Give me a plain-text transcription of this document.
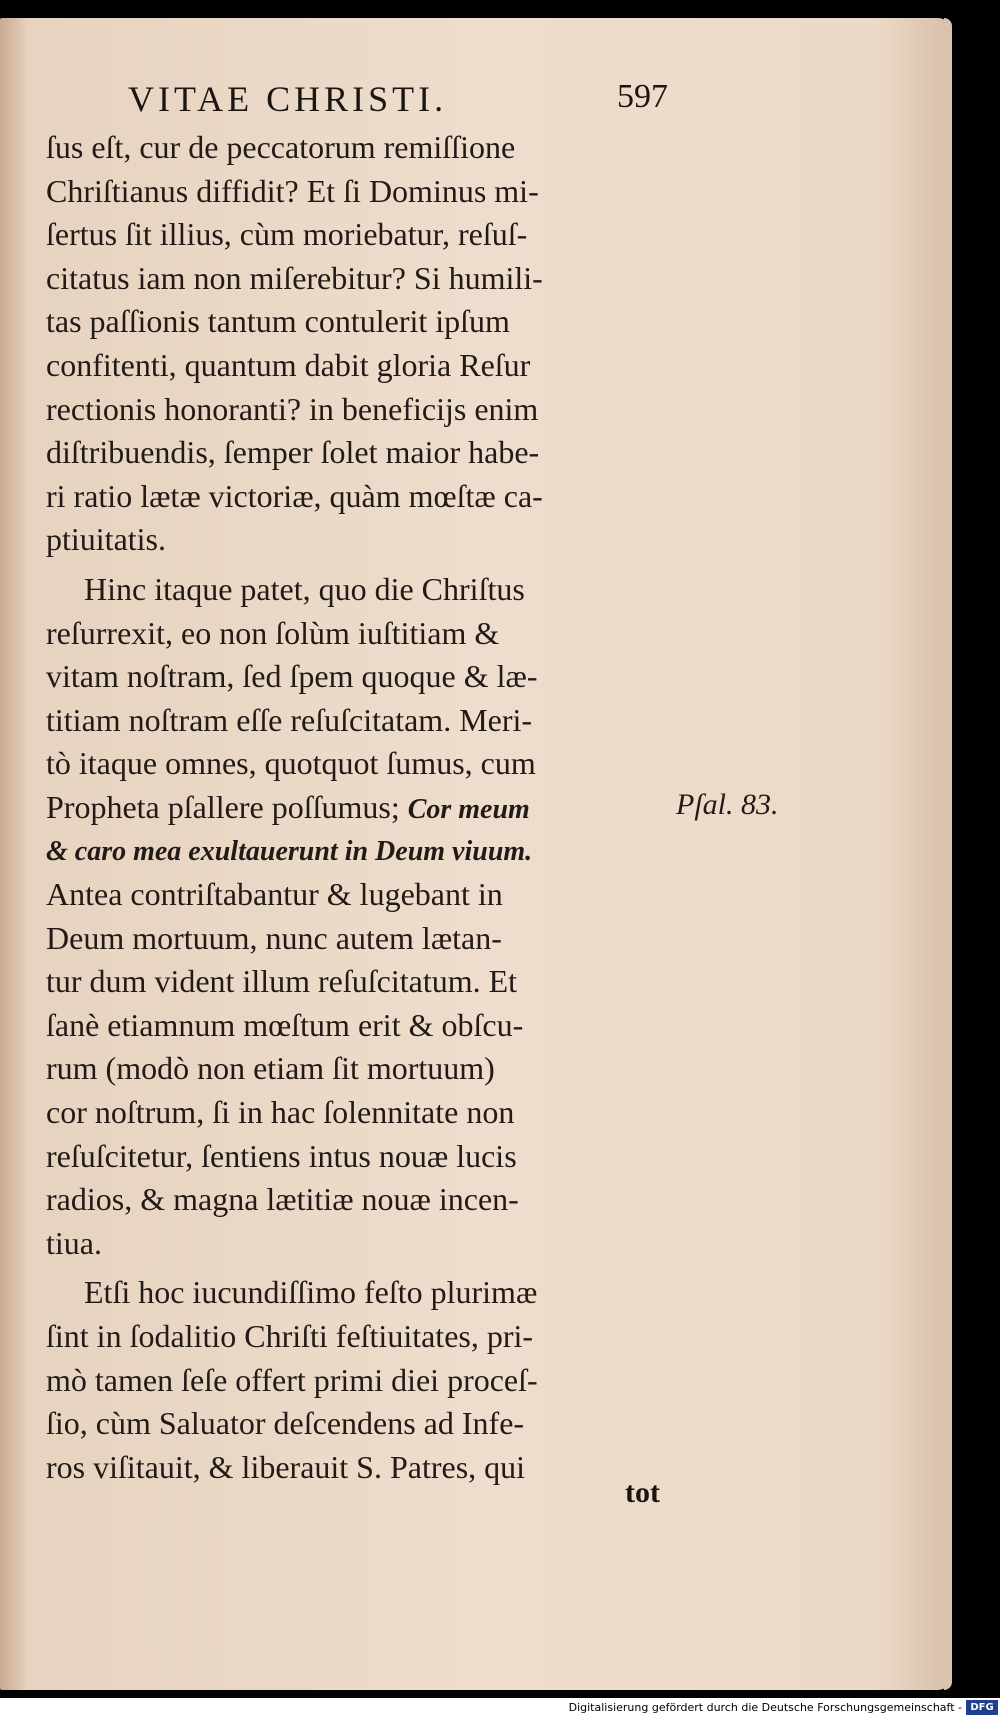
VITAE CHRISTI.	597
ſus eſt, cur de peccatorum remiſſione
Chriſtianus diffidit? Et ſi Dominus mi-
ſertus ſit illius, cùm moriebatur, reſuſ-
citatus iam non miſerebitur? Si humili-
tas paſſionis tantum contulerit ipſum
confitenti, quantum dabit gloria Reſur
rectionis honoranti? in beneficijs enim
diſtribuendis, ſemper ſolet maior habe-
ri ratio lætæ victoriæ, quàm mœſtæ ca-
ptiuitatis.
Hinc itaque patet, quo die Chriſtus
reſurrexit, eo non ſolùm iuſtitiam &
vitam noſtram, ſed ſpem quoque & læ-
titiam noſtram eſſe reſuſcitatam. Meri-
tò itaque omnes, quotquot ſumus, cum
Propheta pſallere poſſumus; Cor meum
& caro mea exultauerunt in Deum viuum.
Antea contriſtabantur & lugebant in
Deum mortuum, nunc autem lætan-
tur dum vident illum reſuſcitatum. Et
ſanè etiamnum mœſtum erit & obſcu-
rum (modò non etiam ſit mortuum)
cor noſtrum, ſi in hac ſolennitate non
reſuſcitetur, ſentiens intus nouæ lucis
radios, & magna lætitiæ nouæ incen-
tiua.
Etſi hoc iucundiſſimo feſto plurimæ
ſint in ſodalitio Chriſti feſtiuitates, pri-
mò tamen ſeſe offert primi diei proceſ-
ſio, cùm Saluator deſcendens ad Infe-
ros viſitauit, & liberauit S. Patres, qui
Pſal. 83.
tot
Digitalisierung gefördert durch die Deutsche Forschungsgemeinschaft - DFG
